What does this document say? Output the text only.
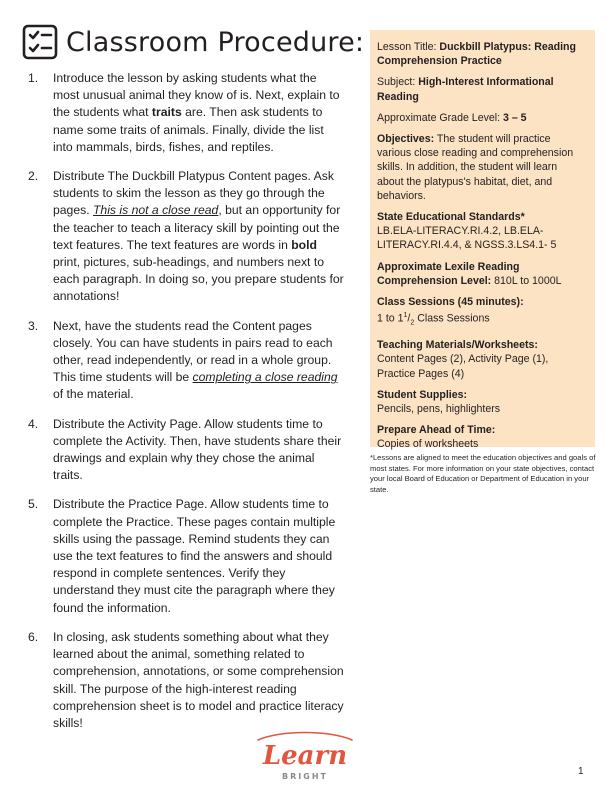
Classroom Procedure:
1.	Introduce the lesson by asking students what the most unusual animal they know of is. Next, explain to the students what traits are. Then ask students to name some traits of animals. Finally, divide the list into mammals, birds, fishes, and reptiles.
2.	Distribute The Duckbill Platypus Content pages. Ask students to skim the lesson as they go through the pages. This is not a close read, but an opportunity for the teacher to teach a literacy skill by pointing out the text features. The text features are words in bold print, pictures, sub-headings, and numbers next to each paragraph. In doing so, you prepare students for annotations!
3.	Next, have the students read the Content pages closely. You can have students in pairs read to each other, read independently, or read in a whole group. This time students will be completing a close reading of the material.
4.	Distribute the Activity Page. Allow students time to complete the Activity. Then, have students share their drawings and explain why they chose the animal traits.
5.	Distribute the Practice Page. Allow students time to complete the Practice. These pages contain multiple skills using the passage. Remind students they can use the text features to find the answers and should respond in complete sentences. Verify they understand they must cite the paragraph where they found the information.
6.	In closing, ask students something about what they learned about the animal, something related to comprehension, annotations, or some comprehension skill. The purpose of the high-interest reading comprehension sheet is to model and practice literacy skills!
Lesson Title: Duckbill Platypus: Reading Comprehension Practice
Subject: High-Interest Informational Reading
Approximate Grade Level: 3 – 5
Objectives: The student will practice various close reading and comprehension skills. In addition, the student will learn about the platypus's habitat, diet, and behaviors.
State Educational Standards*
LB.ELA-LITERACY.RI.4.2, LB.ELA-LITERACY.RI.4.4, & NGSS.3.LS4.1- 5
Approximate Lexile Reading Comprehension Level: 810L to 1000L
Class Sessions (45 minutes):
1 to $1^1/_2$ Class Sessions
Teaching Materials/Worksheets:
Content Pages (2), Activity Page (1), Practice Pages (4)
Student Supplies:
Pencils, pens, highlighters
Prepare Ahead of Time:
Copies of worksheets
*Lessons are aligned to meet the education objectives and goals of most states. For more information on your state objectives, contact your local Board of Education or Department of Education in your state.
Learn
BRIGHT	1
